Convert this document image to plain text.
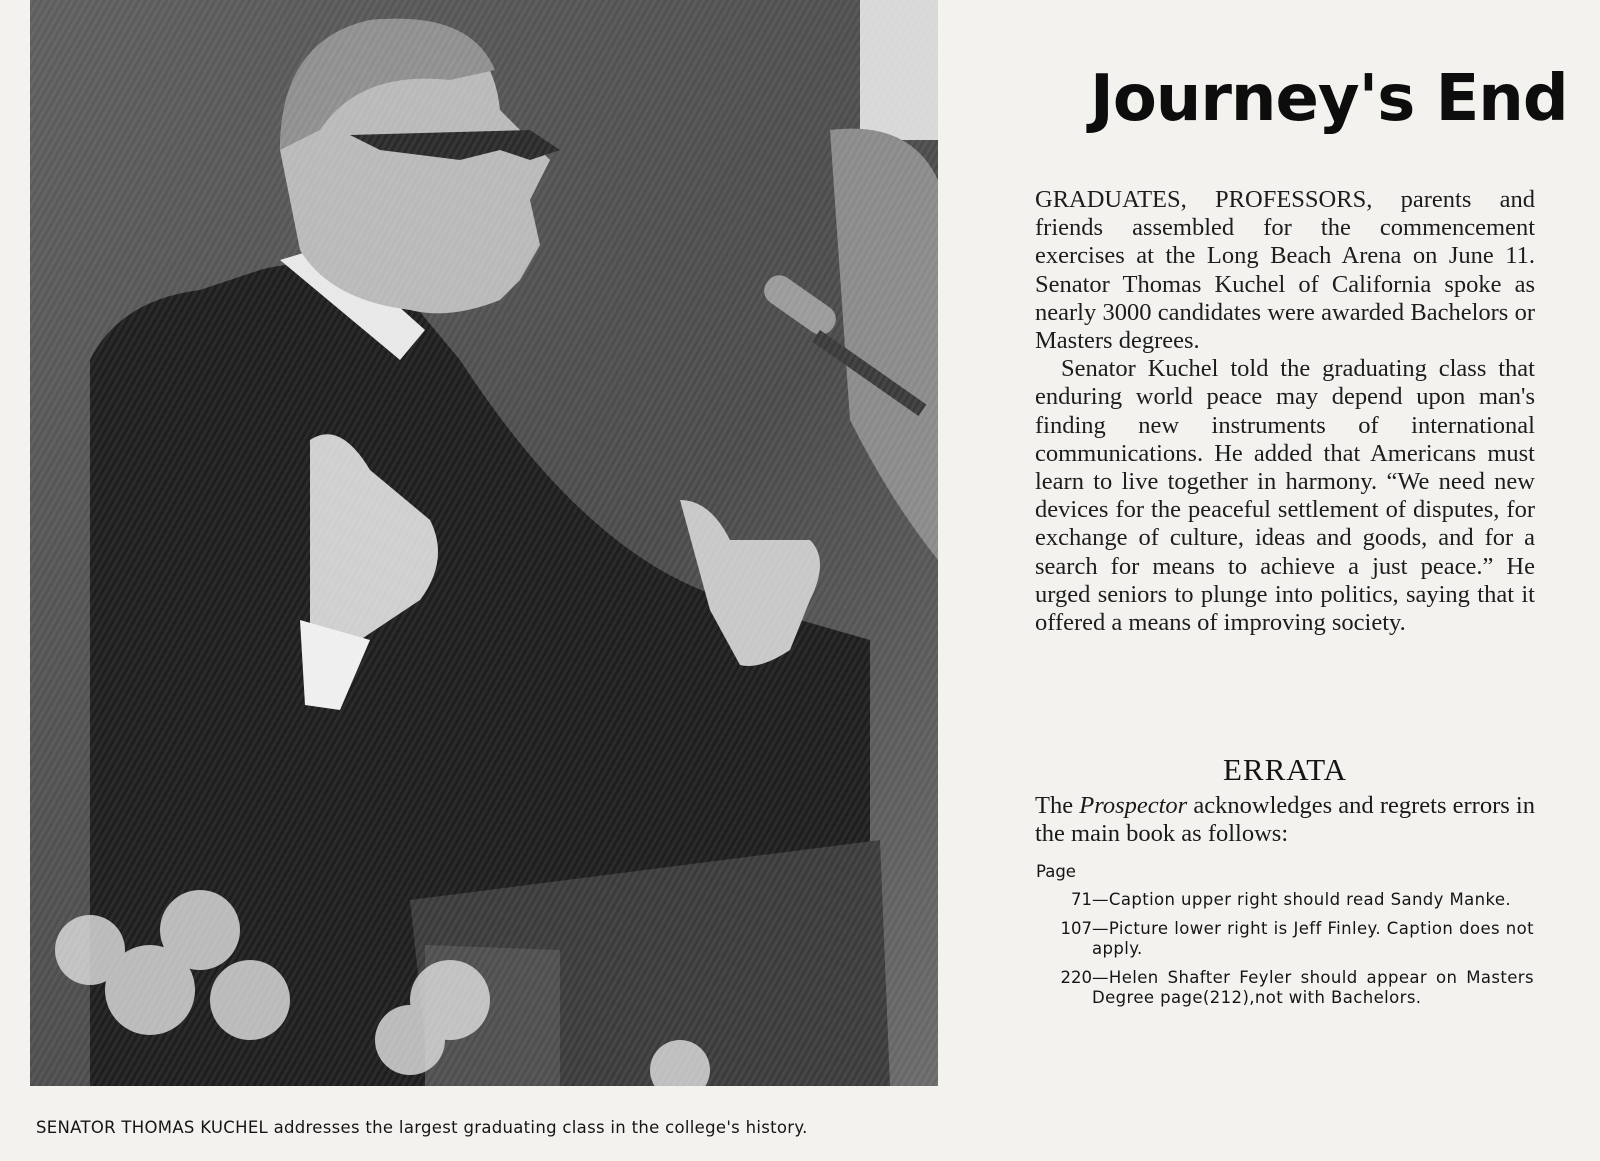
SENATOR THOMAS KUCHEL addresses the largest graduating class in the college's history.
Journey's End

GRADUATES, PROFESSORS, parents and friends assembled for the commencement exercises at the Long Beach Arena on June 11. Senator Thomas Kuchel of California spoke as nearly 3000 candidates were awarded Bachelors or Masters degrees.

Senator Kuchel told the graduating class that enduring world peace may depend upon man's finding new instruments of international communications. He added that Americans must learn to live together in harmony. “We need new devices for the peaceful settlement of disputes, for exchange of culture, ideas and goods, and for a search for means to achieve a just peace.” He urged seniors to plunge into politics, saying that it offered a means of improving society.

ERRATA
The Prospector acknowledges and regrets errors in the main book as follows:
Page
71 —Caption upper right should read Sandy Manke.
107 —Picture lower right is Jeff Finley. Caption does not apply.
220 —Helen Shafter Feyler should appear on Masters Degree page(212),not with Bachelors.
